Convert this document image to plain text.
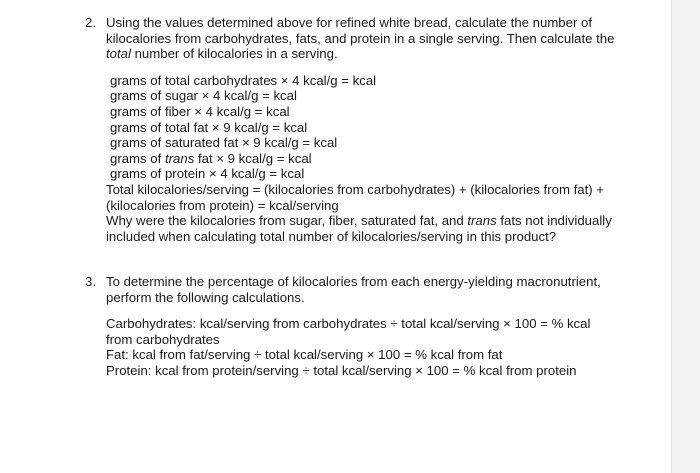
2. Using the values determined above for refined white bread, calculate the number of kilocalories from carbohydrates, fats, and protein in a single serving. Then calculate the total number of kilocalories in a serving.

grams of total carbohydrates × 4 kcal/g = kcal
grams of sugar × 4 kcal/g = kcal
grams of fiber × 4 kcal/g = kcal
grams of total fat × 9 kcal/g = kcal
grams of saturated fat × 9 kcal/g = kcal
grams of trans fat × 9 kcal/g = kcal
grams of protein × 4 kcal/g = kcal
Total kilocalories/serving = (kilocalories from carbohydrates) + (kilocalories from fat) + (kilocalories from protein) = kcal/serving
Why were the kilocalories from sugar, fiber, saturated fat, and trans fats not individually included when calculating total number of kilocalories/serving in this product?
3. To determine the percentage of kilocalories from each energy-yielding macronutrient, perform the following calculations.

Carbohydrates: kcal/serving from carbohydrates ÷ total kcal/serving × 100 = % kcal from carbohydrates
Fat: kcal from fat/serving ÷ total kcal/serving × 100 = % kcal from fat
Protein: kcal from protein/serving ÷ total kcal/serving × 100 = % kcal from protein
